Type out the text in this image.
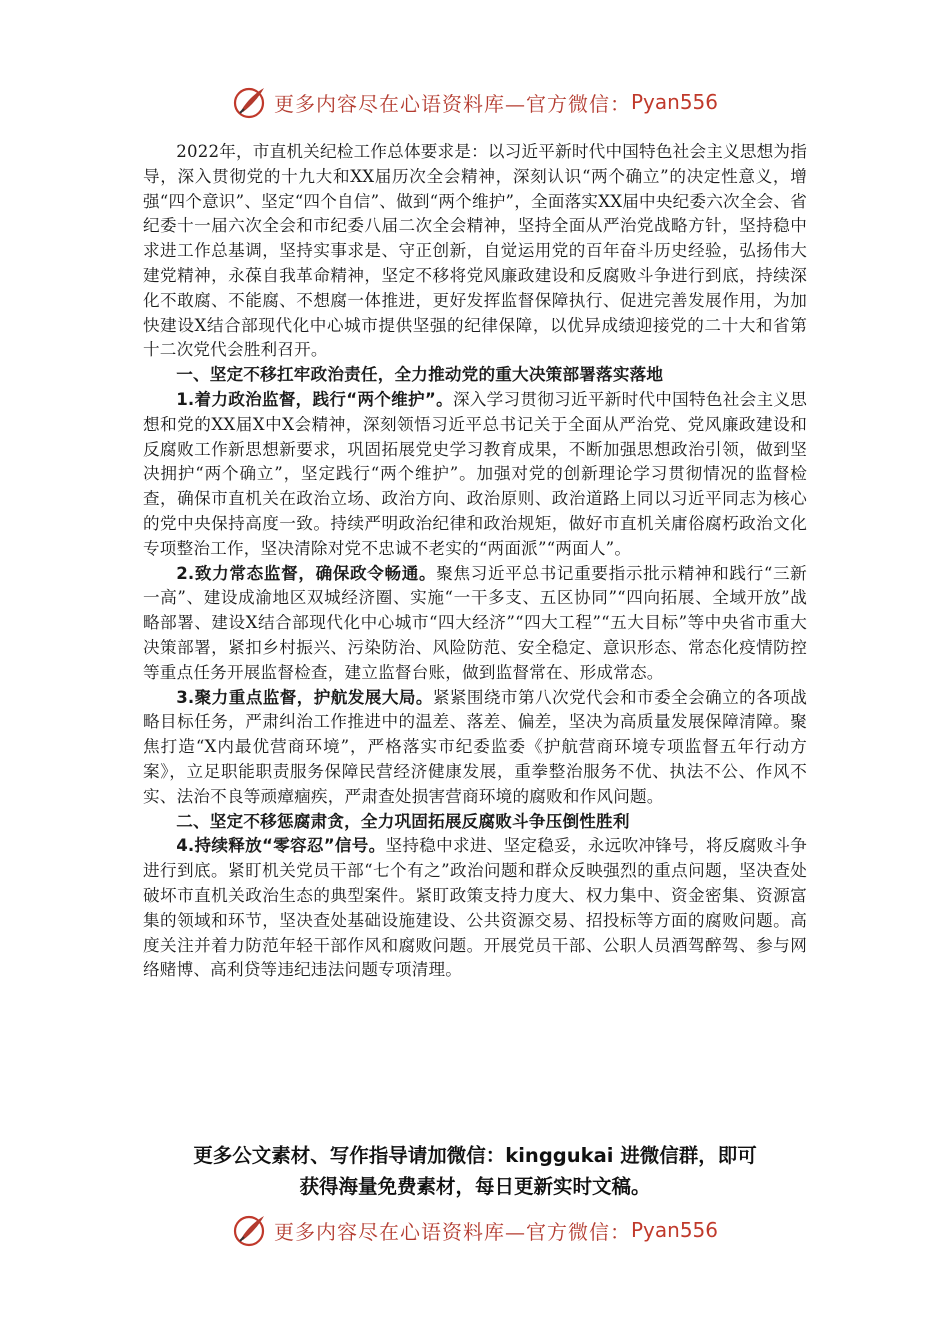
更多内容尽在心语资料库—官方微信： Pyan556

2022年，市直机关纪检工作总体要求是：以习近平新时代中国特色社会主义思想为指导，深入贯彻党的十九大和XX届历次全会精神，深刻认识“两个确立”的决定性意义，增强“四个意识”、坚定“四个自信”、做到“两个维护”，全面落实XX届中央纪委六次全会、省纪委十一届六次全会和市纪委八届二次全会精神，坚持全面从严治党战略方针，坚持稳中求进工作总基调，坚持实事求是、守正创新，自觉运用党的百年奋斗历史经验，弘扬伟大建党精神，永葆自我革命精神，坚定不移将党风廉政建设和反腐败斗争进行到底，持续深化不敢腐、不能腐、不想腐一体推进，更好发挥监督保障执行、促进完善发展作用，为加快建设X结合部现代化中心城市提供坚强的纪律保障，以优异成绩迎接党的二十大和省第十二次党代会胜利召开。

一、坚定不移扛牢政治责任，全力推动党的重大决策部署落实落地

1.着力政治监督，践行“两个维护”。深入学习贯彻习近平新时代中国特色社会主义思想和党的XX届X中X会精神，深刻领悟习近平总书记关于全面从严治党、党风廉政建设和反腐败工作新思想新要求，巩固拓展党史学习教育成果，不断加强思想政治引领，做到坚决拥护“两个确立”，坚定践行“两个维护”。加强对党的创新理论学习贯彻情况的监督检查，确保市直机关在政治立场、政治方向、政治原则、政治道路上同以习近平同志为核心的党中央保持高度一致。持续严明政治纪律和政治规矩，做好市直机关庸俗腐朽政治文化专项整治工作，坚决清除对党不忠诚不老实的“两面派”“两面人”。

2.致力常态监督，确保政令畅通。聚焦习近平总书记重要指示批示精神和践行“三新一高”、建设成渝地区双城经济圈、实施“一干多支、五区协同”“四向拓展、全域开放”战略部署、建设X结合部现代化中心城市“四大经济”“四大工程”“五大目标”等中央省市重大决策部署，紧扣乡村振兴、污染防治、风险防范、安全稳定、意识形态、常态化疫情防控等重点任务开展监督检查，建立监督台账，做到监督常在、形成常态。

3.聚力重点监督，护航发展大局。紧紧围绕市第八次党代会和市委全会确立的各项战略目标任务，严肃纠治工作推进中的温差、落差、偏差，坚决为高质量发展保障清障。聚焦打造“X内最优营商环境”，严格落实市纪委监委《护航营商环境专项监督五年行动方案》，立足职能职责服务保障民营经济健康发展，重拳整治服务不优、执法不公、作风不实、法治不良等顽瘴痼疾，严肃查处损害营商环境的腐败和作风问题。

二、坚定不移惩腐肃贪，全力巩固拓展反腐败斗争压倒性胜利

4.持续释放“零容忍”信号。坚持稳中求进、坚定稳妥，永远吹冲锋号，将反腐败斗争进行到底。紧盯机关党员干部“七个有之”政治问题和群众反映强烈的重点问题，坚决查处破坏市直机关政治生态的典型案件。紧盯政策支持力度大、权力集中、资金密集、资源富集的领域和环节，坚决查处基础设施建设、公共资源交易、招投标等方面的腐败问题。高度关注并着力防范年轻干部作风和腐败问题。开展党员干部、公职人员酒驾醉驾、参与网络赌博、高利贷等违纪违法问题专项清理。

更多公文素材、写作指导请加微信：kinggukai 进微信群，即可
获得海量免费素材，每日更新实时文稿。
更多内容尽在心语资料库—官方微信： Pyan556
